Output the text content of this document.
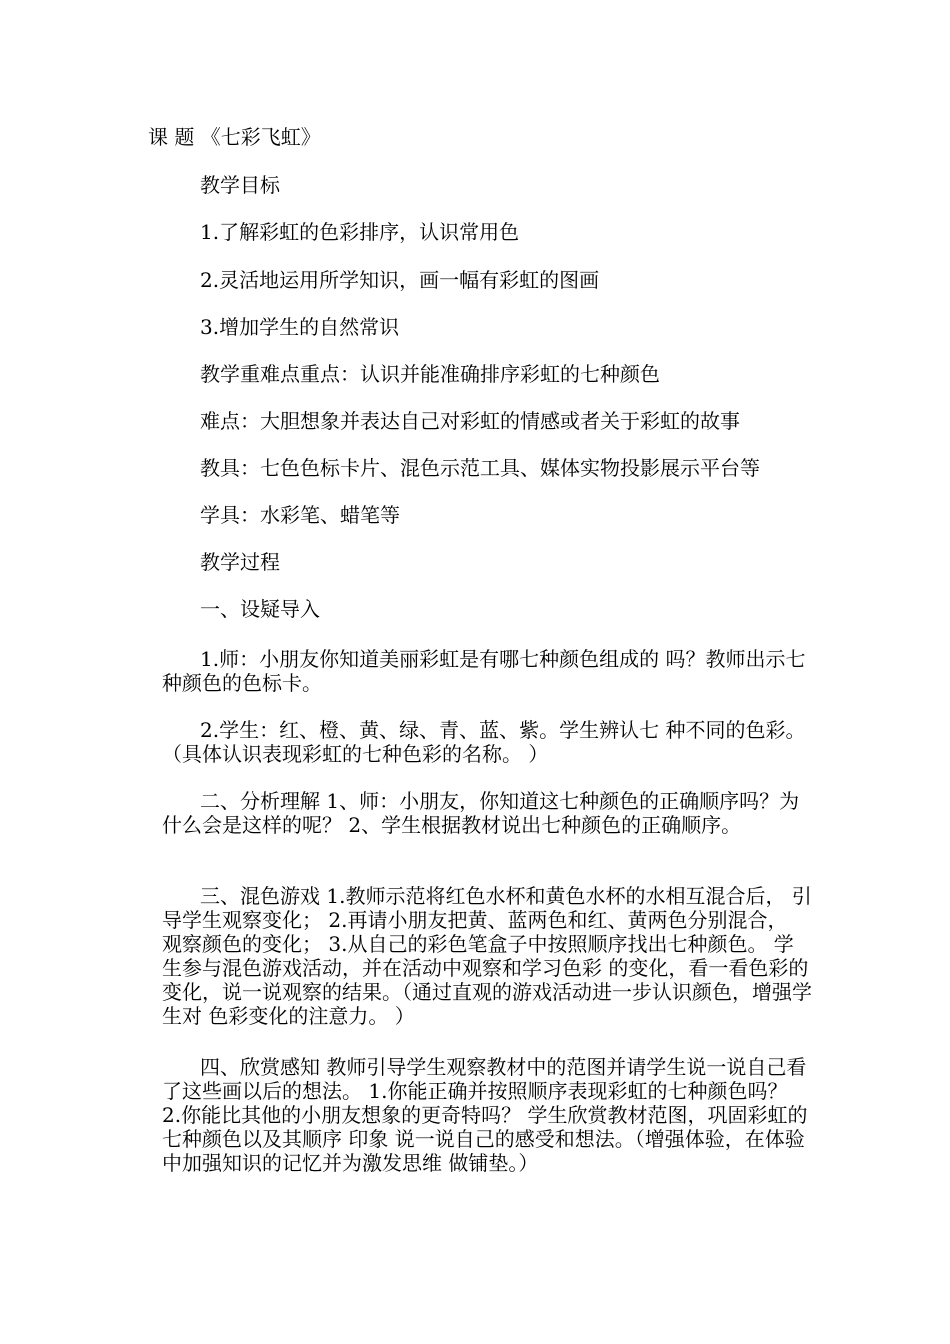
课 题 《七彩飞虹》
教学目标
1.了解彩虹的色彩排序，认识常用色
2.灵活地运用所学知识，画一幅有彩虹的图画
3.增加学生的自然常识
教学重难点重点：认识并能准确排序彩虹的七种颜色
难点：大胆想象并表达自己对彩虹的情感或者关于彩虹的故事
教具：七色色标卡片、混色示范工具、媒体实物投影展示平台等
学具：水彩笔、蜡笔等
教学过程
一、设疑导入
1.师：小朋友你知道美丽彩虹是有哪七种颜色组成的 吗？教师出示七种颜色的色标卡。
2.学生：红、橙、黄、绿、青、蓝、紫。学生辨认七 种不同的色彩。（具体认识表现彩虹的七种色彩的名称。 ）
二、分析理解 1、师：小朋友，你知道这七种颜色的正确顺序吗？为 什么会是这样的呢？ 2、学生根据教材说出七种颜色的正确顺序。
三、混色游戏 1.教师示范将红色水杯和黄色水杯的水相互混合后， 引导学生观察变化； 2.再请小朋友把黄、蓝两色和红、黄两色分别混合， 观察颜色的变化； 3.从自己的彩色笔盒子中按照顺序找出七种颜色。 学生参与混色游戏活动，并在活动中观察和学习色彩 的变化，看一看色彩的变化，说一说观察的结果。（通过直观的游戏活动进一步认识颜色，增强学生对 色彩变化的注意力。 ）
四、欣赏感知 教师引导学生观察教材中的范图并请学生说一说自己看了这些画以后的想法。 1.你能正确并按照顺序表现彩虹的七种颜色吗？ 2.你能比其他的小朋友想象的更奇特吗？ 学生欣赏教材范图，巩固彩虹的七种颜色以及其顺序 印象 说一说自己的感受和想法。（增强体验，在体验中加强知识的记忆并为激发思维 做铺垫。）
